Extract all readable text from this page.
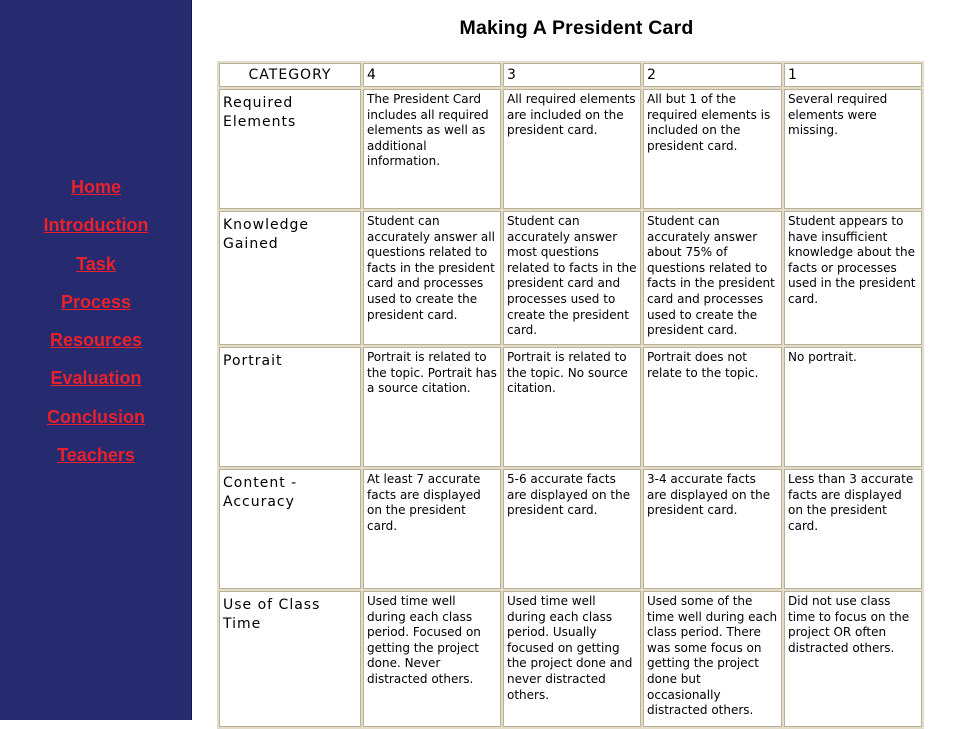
Home
Introduction
Task
Process
Resources
Evaluation
Conclusion
Teachers
Making A President Card
CATEGORY	4	3	2	1
Required Elements	The President Card includes all required elements as well as additional information.	All required elements are included on the president card.	All but 1 of the required elements is included on the president card.	Several required elements were missing.
Knowledge Gained	Student can accurately answer all questions related to facts in the president card and processes used to create the president card.	Student can accurately answer most questions related to facts in the president card and processes used to create the president card.	Student can accurately answer about 75% of questions related to facts in the president card and processes used to create the president card.	Student appears to have insufficient knowledge about the facts or processes used in the president card.
Portrait	Portrait is related to the topic. Portrait has a source citation.	Portrait is related to the topic. No source citation.	Portrait does not relate to the topic.	No portrait.
Content - Accuracy	At least 7 accurate facts are displayed on the president card.	5-6 accurate facts are displayed on the president card.	3-4 accurate facts are displayed on the president card.	Less than 3 accurate facts are displayed on the president card.
Use of Class Time	Used time well during each class period. Focused on getting the project done. Never distracted others.	Used time well during each class period. Usually focused on getting the project done and never distracted others.	Used some of the time well during each class period. There was some focus on getting the project done but occasionally distracted others.	Did not use class time to focus on the project OR often distracted others.
